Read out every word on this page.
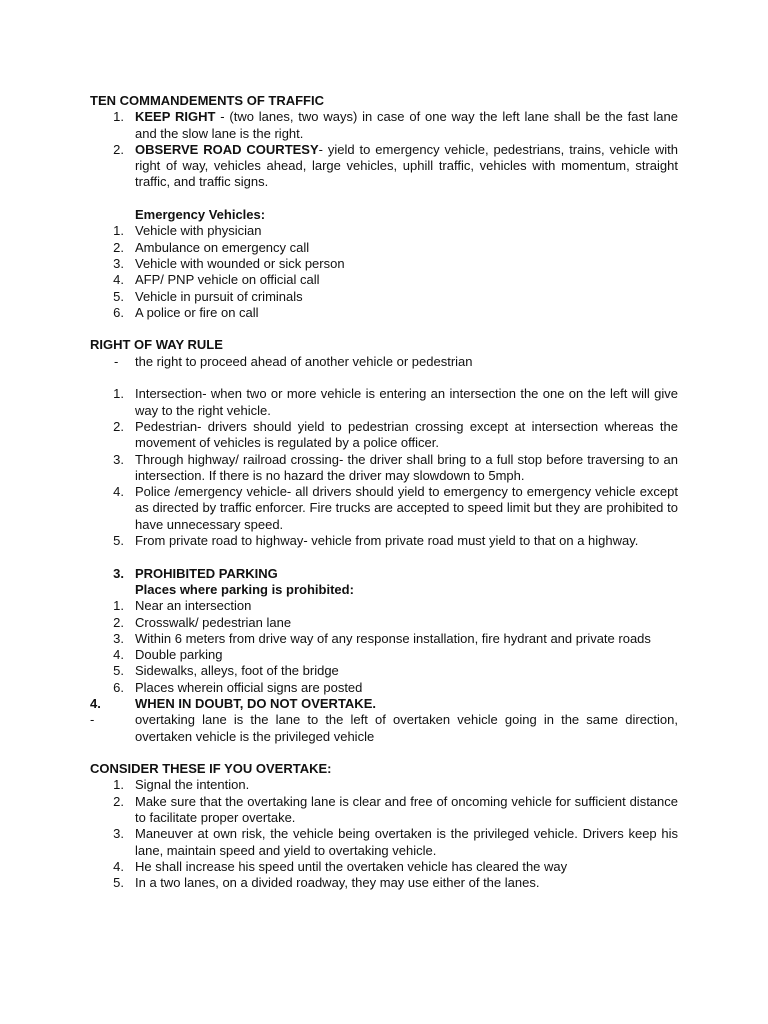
TEN COMMANDEMENTS OF TRAFFIC
1. KEEP RIGHT - (two lanes, two ways) in case of one way the left lane shall be the fast lane and the slow lane is the right.
2. OBSERVE ROAD COURTESY- yield to emergency vehicle, pedestrians, trains, vehicle with right of way, vehicles ahead, large vehicles, uphill traffic, vehicles with momentum, straight traffic, and traffic signs.
Emergency Vehicles :
1. Vehicle with physician
2. Ambulance on emergency call
3. Vehicle with wounded or sick person
4. AFP/ PNP vehicle on official call
5. Vehicle in pursuit of criminals
6. A police or fire on call
RIGHT OF WAY RULE
-	the right to proceed ahead of another vehicle or pedestrian
1. Intersection- when two or more vehicle is entering an intersection the one on the left will give way to the right vehicle.
2. Pedestrian- drivers should yield to pedestrian crossing except at intersection whereas the movement of vehicles is regulated by a police officer.
3. Through highway/ railroad crossing- the driver shall bring to a full stop before traversing to an intersection. If there is no hazard the driver may slowdown to 5mph.
4. Police /emergency vehicle- all drivers should yield to emergency to emergency vehicle except as directed by traffic enforcer. Fire trucks are accepted to speed limit but they are prohibited to have unnecessary speed.
5. From private road to highway- vehicle from private road must yield to that on a highway.
3. PROHIBITED PARKING
Places where parking is prohibited :
1. Near an intersection
2. Crosswalk/ pedestrian lane
3. Within 6 meters from drive way of any response installation, fire hydrant and private roads
4. Double parking
5. Sidewalks, alleys, foot of the bridge
6. Places wherein official signs are posted
4.	WHEN IN DOUBT, DO NOT OVERTAKE.
-	overtaking lane is the lane to the left of overtaken vehicle going in the same direction, overtaken vehicle is the privileged vehicle
CONSIDER THESE IF YOU OVERTAKE:
1. Signal the intention.
2. Make sure that the overtaking lane is clear and free of oncoming vehicle for sufficient distance to facilitate proper overtake.
3. Maneuver at own risk, the vehicle being overtaken is the privileged vehicle. Drivers keep his lane, maintain speed and yield to overtaking vehicle.
4. He shall increase his speed until the overtaken vehicle has cleared the way
5. In a two lanes, on a divided roadway, they may use either of the lanes.
